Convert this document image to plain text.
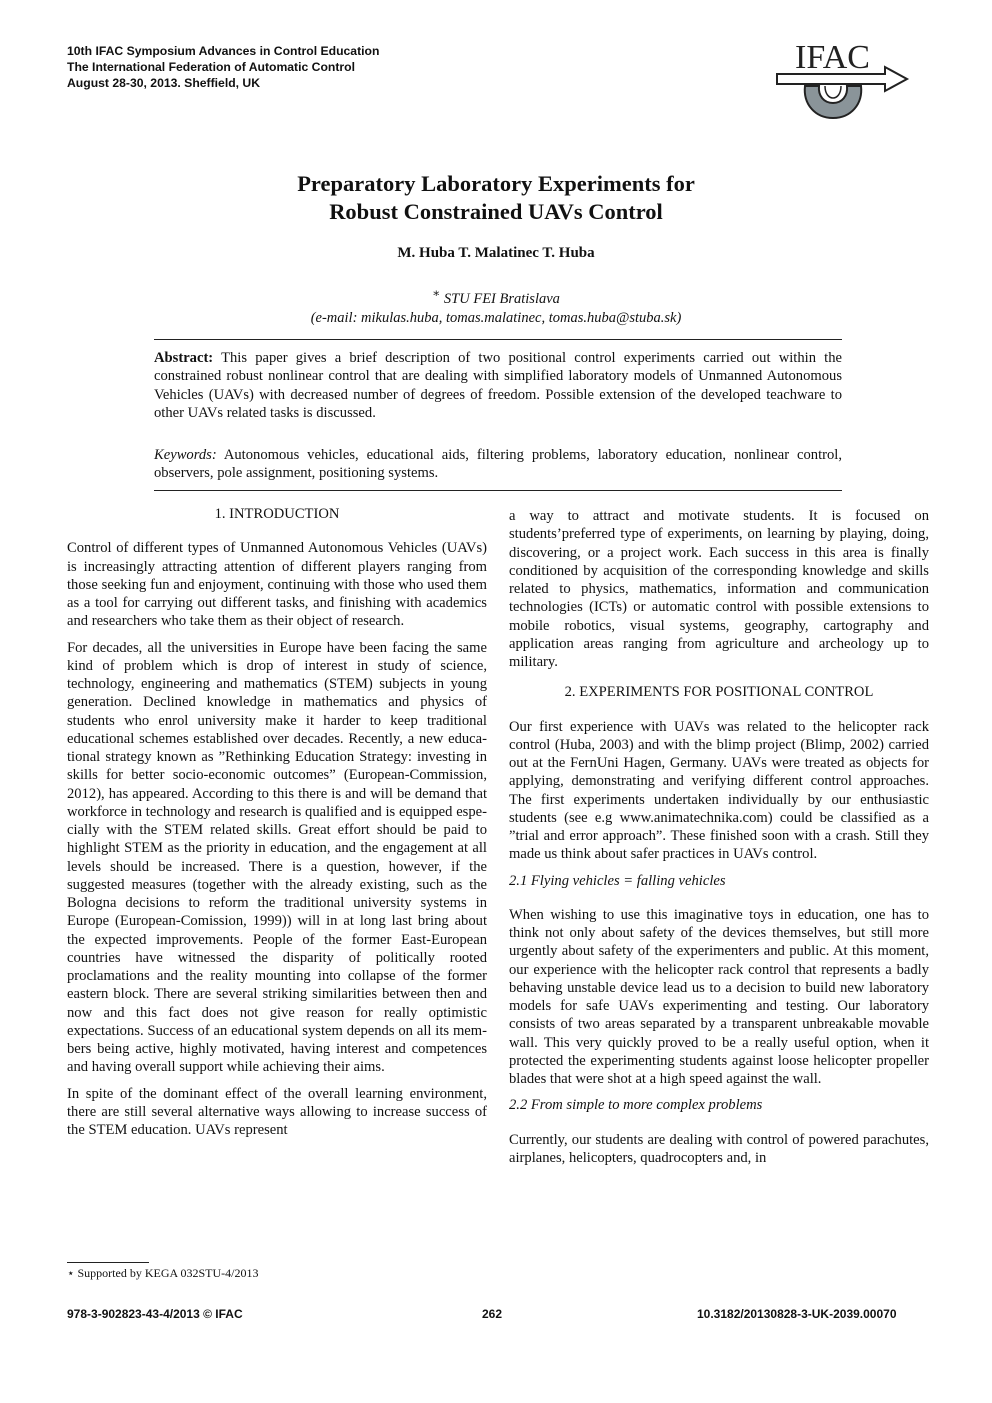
10th IFAC Symposium Advances in Control Education
The International Federation of Automatic Control
August 28-30, 2013. Sheffield, UK
IFAC
Preparatory Laboratory Experiments for
Robust Constrained UAVs Control
M. Huba T. Malatinec T. Huba
∗ STU FEI Bratislava
(e-mail: mikulas.huba, tomas.malatinec, tomas.huba@stuba.sk)
Abstract: This paper gives a brief description of two positional control experiments carried out within the constrained robust nonlinear control that are dealing with simplified laboratory models of Unmanned Autonomous Vehicles (UAVs) with decreased number of degrees of freedom. Possible extension of the developed teachware to other UAVs related tasks is discussed.
Keywords: Autonomous vehicles, educational aids, filtering problems, laboratory education, nonlinear control, observers, pole assignment, positioning systems.
1. INTRODUCTION

Control of different types of Unmanned Autonomous Vehicles (UAVs) is increasingly attracting attention of different players ranging from those seeking fun and enjoyment, continuing with those who used them as a tool for carrying out different tasks, and finishing with academics and researchers who take them as their object of research.

For decades, all the universities in Europe have been facing the same kind of problem which is drop of interest in study of science, technology, engineering and mathematics (STEM) subjects in young generation. Declined knowledge in mathematics and physics of students who enrol university make it harder to keep traditional educational schemes established over decades. Recently, a new educational strategy known as ”Rethinking Education Strategy: investing in skills for better socio-economic outcomes” (European-Commission, 2012), has appeared. According to this there is and will be demand that workforce in technology and research is qualified and is equipped especially with the STEM related skills. Great effort should be paid to highlight STEM as the priority in education, and the engagement at all levels should be increased. There is a question, however, if the suggested measures (together with the already existing, such as the Bologna decisions to reform the traditional university systems in Europe (European-Comission, 1999)) will in at long last bring about the expected improvements. People of the former East-European countries have witnessed the disparity of politically rooted proclamations and the reality mounting into collapse of the former eastern block. There are several striking similarities between then and now and this fact does not give reason for really optimistic expectations. Success of an educational system depends on all its members being active, highly motivated, having interest and competences and having overall support while achieving their aims.

In spite of the dominant effect of the overall learning environment, there are still several alternative ways allowing to increase success of the STEM education. UAVs represent

a way to attract and motivate students. It is focused on students’preferred type of experiments, on learning by playing, doing, discovering, or a project work. Each success in this area is finally conditioned by acquisition of the corresponding knowledge and skills related to physics, mathematics, information and communication technologies (ICTs) or automatic control with possible extensions to mobile robotics, visual systems, geography, cartography and application areas ranging from agriculture and archeology up to military.

2. EXPERIMENTS FOR POSITIONAL CONTROL

Our first experience with UAVs was related to the helicopter rack control (Huba, 2003) and with the blimp project (Blimp, 2002) carried out at the FernUni Hagen, Germany. UAVs were treated as objects for applying, demonstrating and verifying different control approaches. The first experiments undertaken individually by our enthusiastic students (see e.g www.animatechnika.com) could be classified as a ”trial and error approach”. These finished soon with a crash. Still they made us think about safer practices in UAVs control.

2.1 Flying vehicles = falling vehicles

When wishing to use this imaginative toys in education, one has to think not only about safety of the devices themselves, but still more urgently about safety of the experimenters and public. At this moment, our experience with the helicopter rack control that represents a badly behaving unstable device lead us to a decision to build new laboratory models for safe UAVs experimenting and testing. Our laboratory consists of two areas separated by a transparent unbreakable movable wall. This very quickly proved to be a really useful option, when it protected the experimenting students against loose helicopter propeller blades that were shot at a high speed against the wall.

2.2 From simple to more complex problems

Currently, our students are dealing with control of powered parachutes, airplanes, helicopters, quadrocopters and, in

⋆ Supported by KEGA 032STU-4/2013
978-3-902823-43-4/2013 © IFAC	262	10.3182/20130828-3-UK-2039.00070
